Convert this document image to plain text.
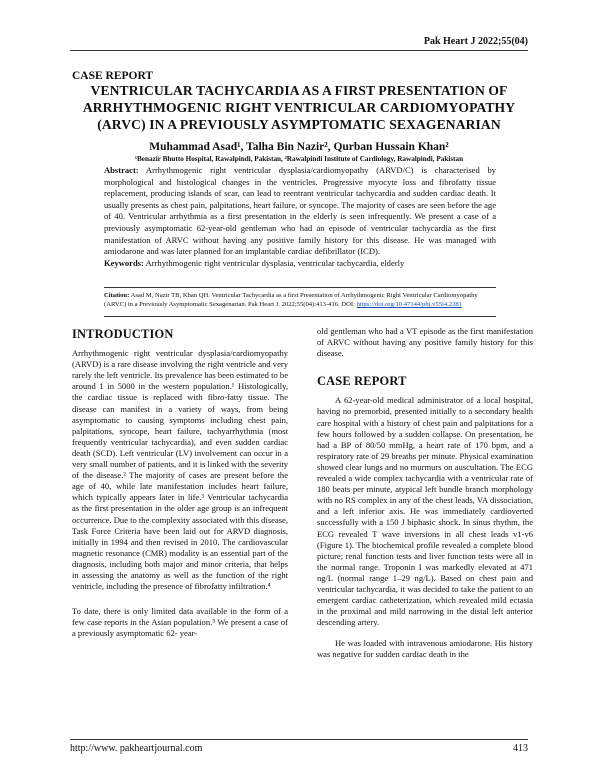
Pak Heart J 2022;55(04)
CASE REPORT
VENTRICULAR TACHYCARDIA AS A FIRST PRESENTATION OF ARRHYTHMOGENIC RIGHT VENTRICULAR CARDIOMYOPATHY (ARVC) IN A PREVIOUSLY ASYMPTOMATIC SEXAGENARIAN
Muhammad Asad¹, Talha Bin Nazir², Qurban Hussain Khan²
¹Benazir Bhutto Hospital, Rawalpindi, Pakistan, ²Rawalpindi Institute of Cardiology, Rawalpindi, Pakistan
Abstract: Arrhythmogenic right ventricular dysplasia/cardiomyopathy (ARVD/C) is characterised by morphological and histological changes in the ventricles. Progressive myocyte loss and fibrofatty tissue replacement, producing islands of scar, can lead to reentrant ventricular tachycardia and sudden cardiac death. It usually presents as chest pain, palpitations, heart failure, or syncope. The majority of cases are seen before the age of 40. Ventricular arrhythmia as a first presentation in the elderly is seen infrequently. We present a case of a previously asymptomatic 62-year-old gentleman who had an episode of ventricular tachycardia as the first manifestation of ARVC without having any positive family history for this disease. He was managed with amiodarone and was later planned for an implantable cardiac defibrillator (ICD).
Keywords: Arrhythmogenic right ventricular dysplasia, ventricular tachycardia, elderly
Citation: Asad M, Nazir TB, Khan QH. Ventricular Tachycardia as a first Presentation of Arrhythmogenic Right Ventricular Cardiomyopathy (ARVC) in a Previously Asymptomatic Sexagenarian. Pak Heart J. 2022;55(04):413-416. DOI: https://doi.org/10.47144/phj.v55i4.2281
INTRODUCTION

Arrhythmogenic right ventricular dysplasia/cardiomyopathy (ARVD) is a rare disease involving the right ventricle and very rarely the left ventricle. Its prevalence has been estimated to be around 1 in 5000 in the western population.¹ Histologically, the cardiac tissue is replaced with fibro-fatty tissue. The disease can manifest in a variety of ways, from being asymptomatic to causing symptoms including chest pain, palpitations, syncope, heart failure, tachyarrhythmia (most frequently ventricular tachycardia), and even sudden cardiac death (SCD). Left ventricular (LV) involvement can occur in a very small number of patients, and it is linked with the severity of the disease.² The majority of cases are present before the age of 40, while late manifestation includes heart failure, which typically appears later in life.³ Ventricular tachycardia as the first presentation in the older age group is an infrequent occurrence. Due to the complexity associated with this disease, Task Force Criteria have been laid out for ARVD diagnosis, initially in 1994 and then revised in 2010. The cardiovascular magnetic resonance (CMR) modality is an essential part of the diagnosis, including both major and minor criteria, that helps in assessing the anatomy as well as the function of the right ventricle, including the presence of fibrofatty infiltration.⁴

To date, there is only limited data available in the form of a few case reports in the Asian population.⁵ We present a case of a previously asymptomatic 62- year-

old gentleman who had a VT episode as the first manifestation of ARVC without having any positive family history for this disease.

CASE REPORT

A 62-year-old medical administrator of a local hospital, having no premorbid, presented initially to a secondary health care hospital with a history of chest pain and palpitations for a few hours followed by a sudden collapse. On presentation, he had a BP of 80/50 mmHg, a heart rate of 170 bpm, and a respiratory rate of 29 breaths per minute. Physical examination showed clear lungs and no murmurs on auscultation. The ECG revealed a wide complex tachycardia with a ventricular rate of 180 beats per minute, atypical left bundle branch morphology with no RS complex in any of the chest leads, VA dissociation, and a left inferior axis. He was immediately cardioverted successfully with a 150 J biphasic shock. In sinus rhythm, the ECG revealed T wave inversions in all chest leads v1-v6 (Figure 1). The biochemical profile revealed a complete blood picture; renal function tests and liver function tests were all in the normal range. Troponin I was markedly elevated at 471 ng/L (normal range 1–29 ng/L). Based on chest pain and ventricular tachycardia, it was decided to take the patient to an emergent cardiac catheterization, which revealed mild ectasia in the proximal and mild narrowing in the distal left anterior descending artery.

He was loaded with intravenous amiodarone. His history was negative for sudden cardiac death in the

http://www. pakheartjournal.com	413
